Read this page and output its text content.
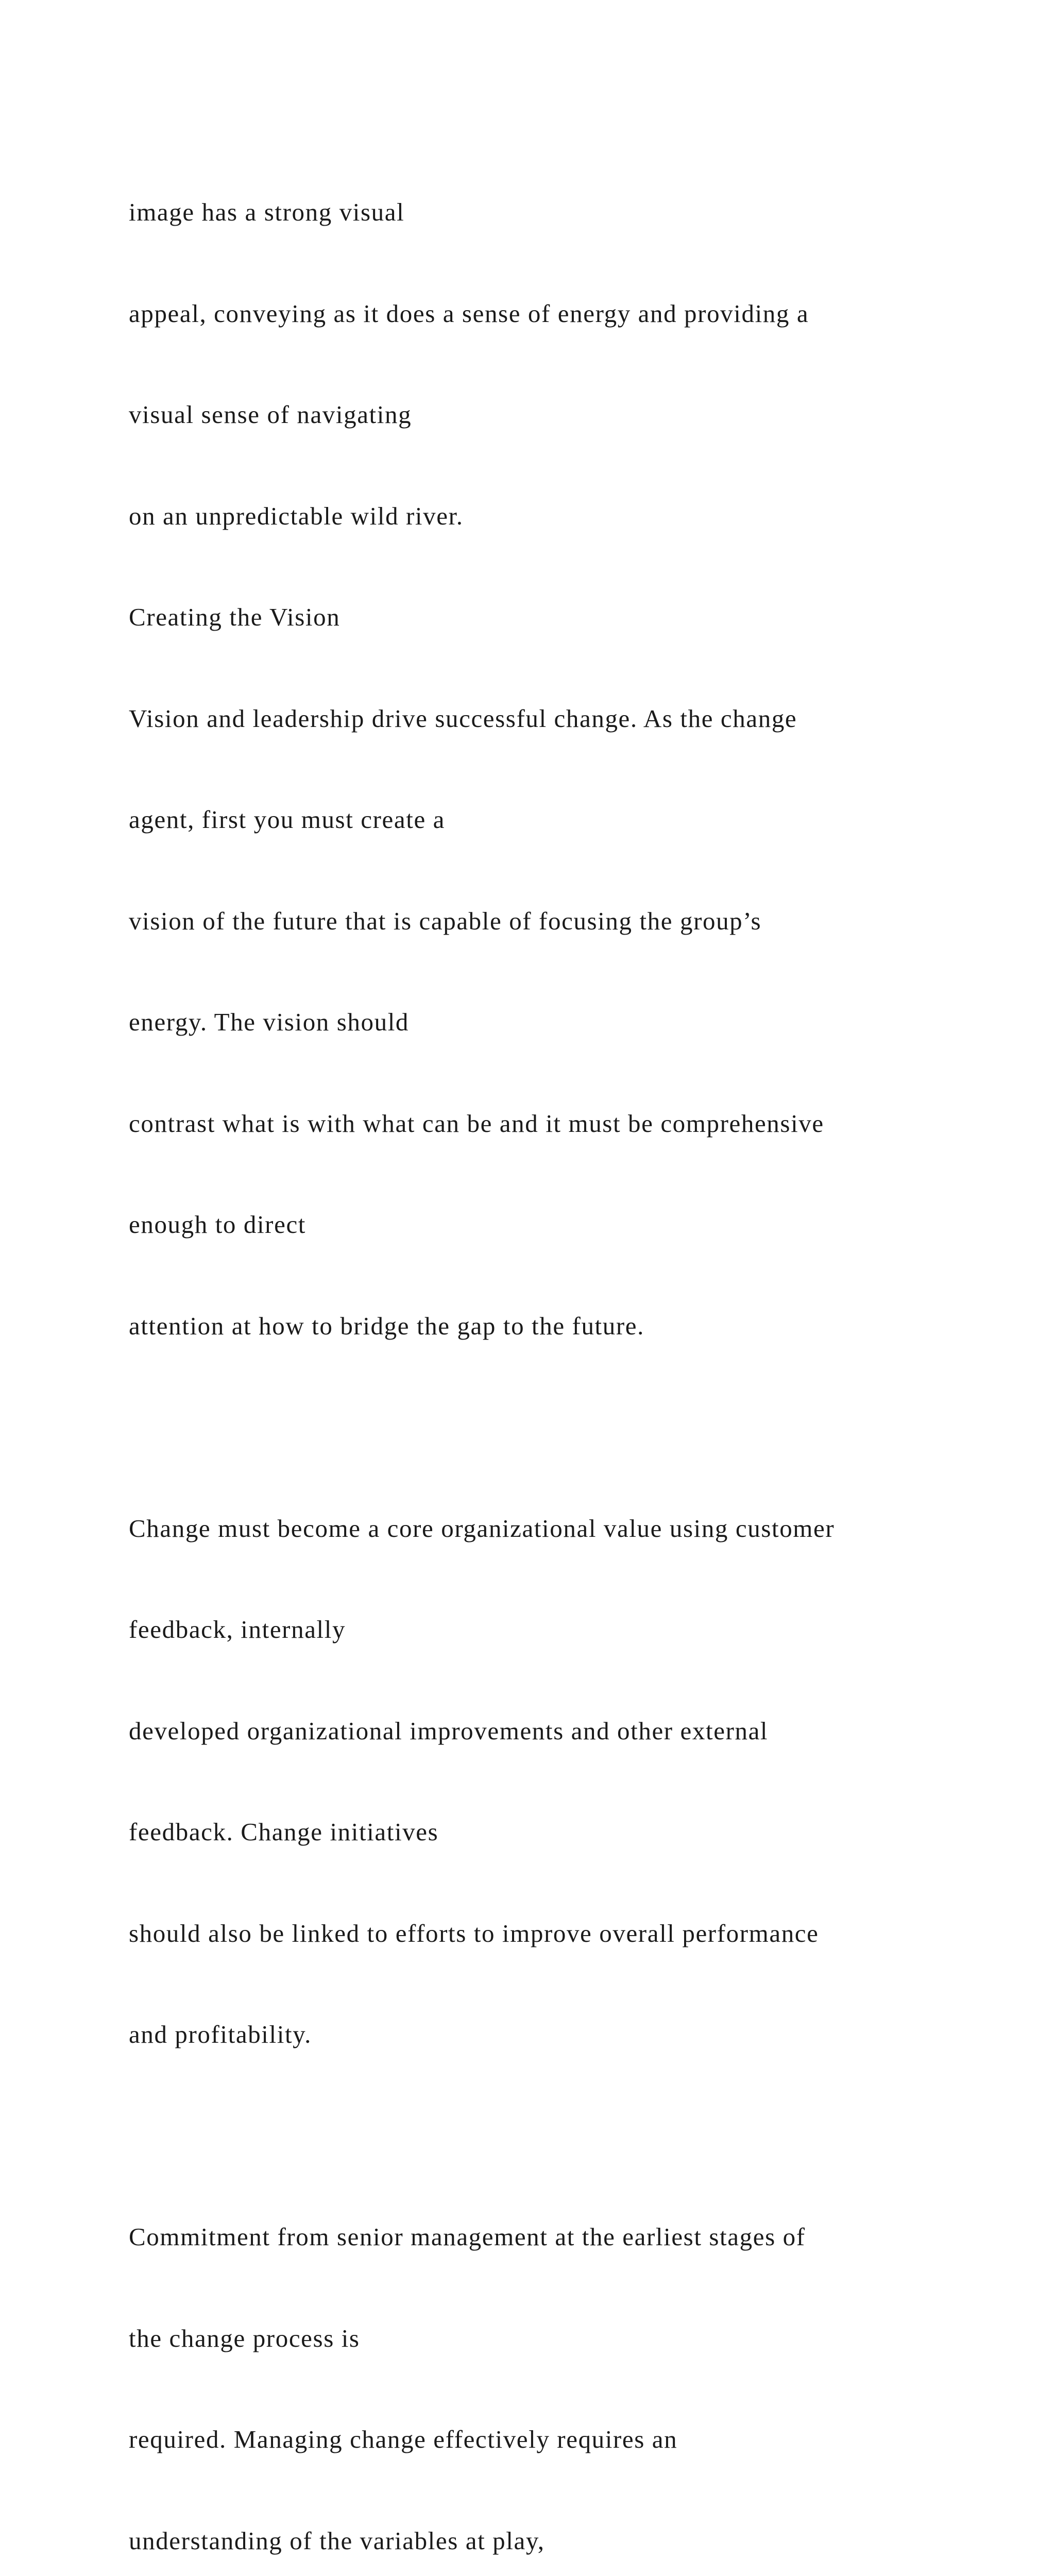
image has a strong visual

appeal, conveying as it does a sense of energy and providing a

visual sense of navigating

on an unpredictable wild river.

Creating the Vision

Vision and leadership drive successful change. As the change

agent, first you must create a

vision of the future that is capable of focusing the group’s

energy. The vision should

contrast what is with what can be and it must be comprehensive

enough to direct

attention at how to bridge the gap to the future.

Change must become a core organizational value using customer

feedback, internally

developed organizational improvements and other external

feedback. Change initiatives

should also be linked to efforts to improve overall performance

and profitability.

Commitment from senior management at the earliest stages of

the change process is

required. Managing change effectively requires an

understanding of the variables at play,
